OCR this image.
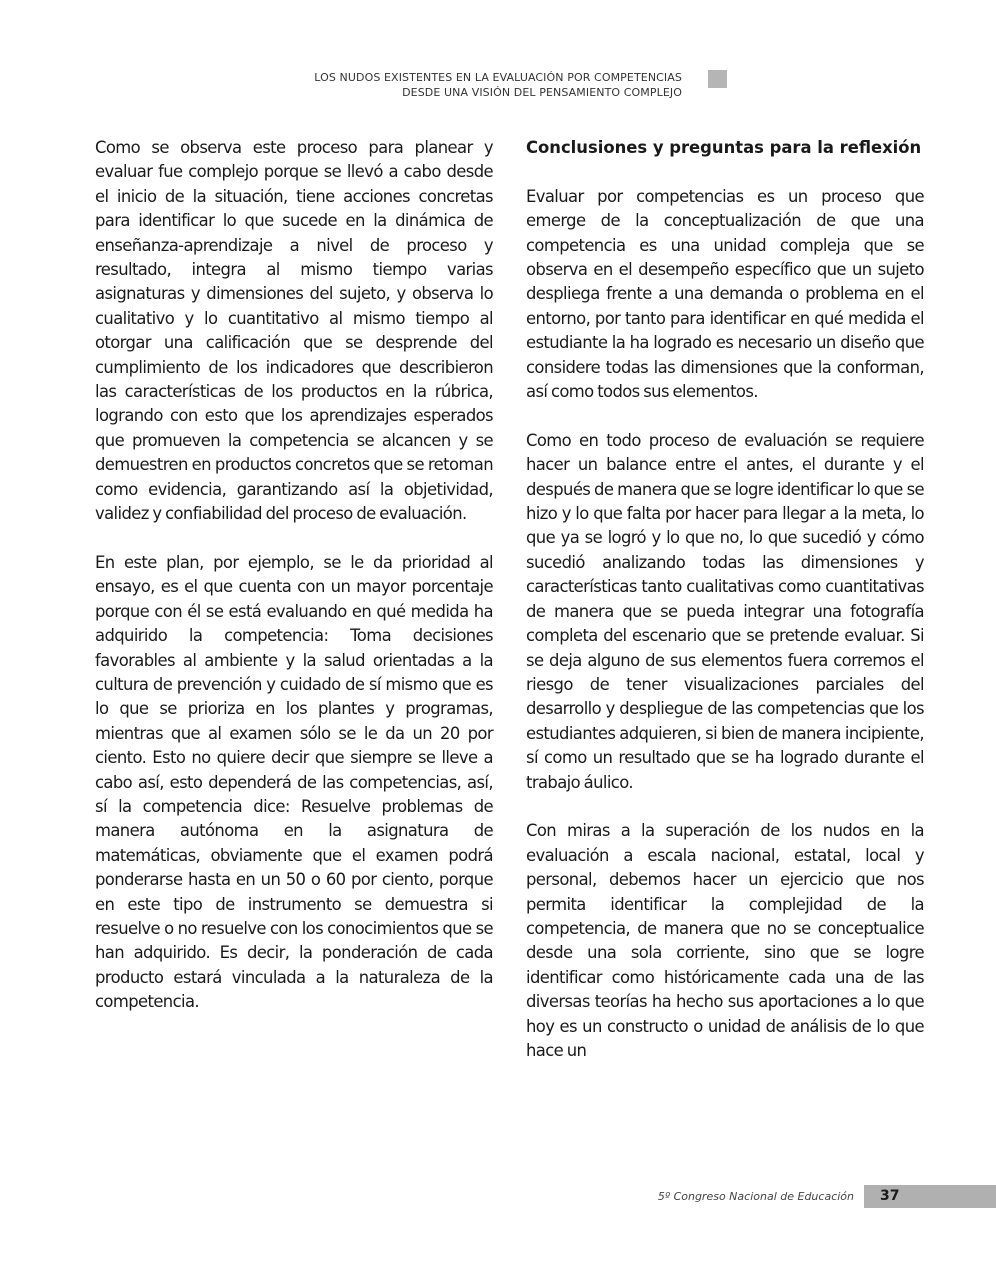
LOS NUDOS EXISTENTES EN LA EVALUACIÓN POR COMPETENCIAS
DESDE UNA VISIÓN DEL PENSAMIENTO COMPLEJO

Como se observa este proceso para planear y evaluar fue complejo porque se llevó a cabo desde el inicio de la situación, tiene acciones concretas para identificar lo que sucede en la dinámica de enseñanza-aprendizaje a nivel de proceso y resultado, integra al mismo tiempo varias asignaturas y dimensiones del sujeto, y observa lo cualitativo y lo cuantitativo al mismo tiempo al otorgar una calificación que se desprende del cumplimiento de los indicadores que describieron las características de los productos en la rúbrica, logrando con esto que los aprendizajes esperados que promueven la competencia se alcancen y se demuestren en productos concretos que se retoman como evidencia, garantizando así la objetividad, validez y confiabilidad del proceso de evaluación.

En este plan, por ejemplo, se le da prioridad al ensayo, es el que cuenta con un mayor porcentaje porque con él se está evaluando en qué medida ha adquirido la competencia: Toma decisiones favorables al ambiente y la salud orientadas a la cultura de prevención y cuidado de sí mismo que es lo que se prioriza en los plantes y programas, mientras que al examen sólo se le da un 20 por ciento. Esto no quiere decir que siempre se lleve a cabo así, esto dependerá de las competencias, así, sí la competencia dice: Resuelve problemas de manera autónoma en la asignatura de matemáticas, obviamente que el examen podrá ponderarse hasta en un 50 o 60 por ciento, porque en este tipo de instrumento se demuestra si resuelve o no resuelve con los conocimientos que se han adquirido. Es decir, la ponderación de cada producto estará vinculada a la naturaleza de la competencia.

Conclusiones y preguntas para la reflexión

Evaluar por competencias es un proceso que emerge de la conceptualización de que una competencia es una unidad compleja que se observa en el desempeño específico que un sujeto despliega frente a una demanda o problema en el entorno, por tanto para identificar en qué medida el estudiante la ha logrado es necesario un diseño que considere todas las dimensiones que la conforman, así como todos sus elementos.

Como en todo proceso de evaluación se requiere hacer un balance entre el antes, el durante y el después de manera que se logre identificar lo que se hizo y lo que falta por hacer para llegar a la meta, lo que ya se logró y lo que no, lo que sucedió y cómo sucedió analizando todas las dimensiones y características tanto cualitativas como cuantitativas de manera que se pueda integrar una fotografía completa del escenario que se pretende evaluar. Si se deja alguno de sus elementos fuera corremos el riesgo de tener visualizaciones parciales del desarrollo y despliegue de las competencias que los estudiantes adquieren, si bien de manera incipiente, sí como un resultado que se ha logrado durante el trabajo áulico.

Con miras a la superación de los nudos en la evaluación a escala nacional, estatal, local y personal, debemos hacer un ejercicio que nos permita identificar la complejidad de la competencia, de manera que no se conceptualice desde una sola corriente, sino que se logre identificar como históricamente cada una de las diversas teorías ha hecho sus aportaciones a lo que hoy es un constructo o unidad de análisis de lo que hace un

5º Congreso Nacional de Educación 37
